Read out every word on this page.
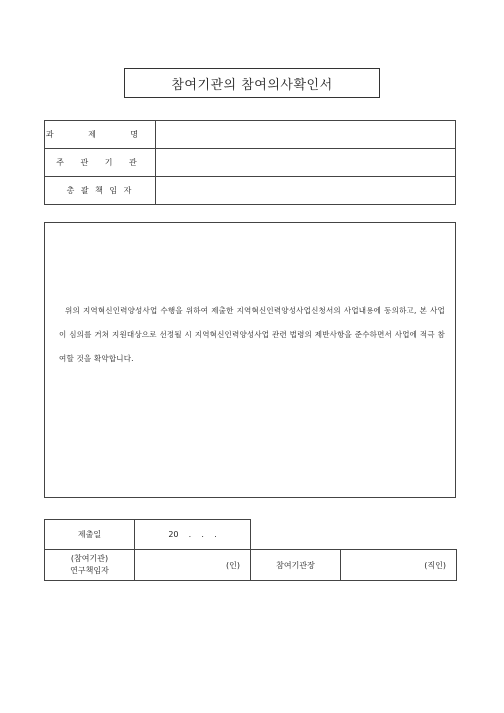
참여기관의 참여의사확인서
과 제 명	
주 관 기 관	
총 괄 책 임 자	
위의 지역혁신인력양성사업 수행을 위하여 제출한 지역혁신인력양성사업신청서의 사업내용에 동의하고, 본 사업이 심의를 거쳐 지원대상으로 선정될 시 지역혁신인력양성사업 관련 법령의 제반사항을 준수하면서 사업에 적극 참여할 것을 확약합니다.
제출일	20    .    .    .		

(참여기관)
연구책임자	(인)	참여기관장	(직인)
